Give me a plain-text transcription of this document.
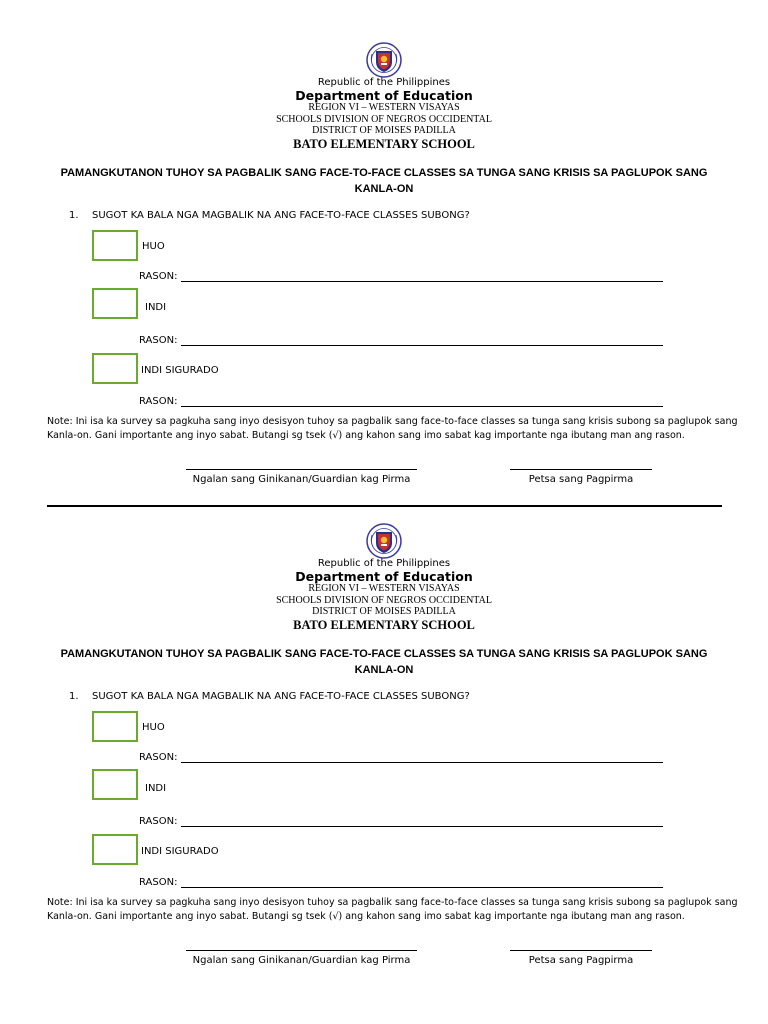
Republic of the Philippines
Department of Education
REGION VI – WESTERN VISAYAS
SCHOOLS DIVISION OF NEGROS OCCIDENTAL
DISTRICT OF MOISES PADILLA
BATO ELEMENTARY SCHOOL
PAMANGKUTANON TUHOY SA PAGBALIK SANG FACE-TO-FACE CLASSES SA TUNGA SANG KRISIS SA PAGLUPOK SANG
KANLA-ON
1. SUGOT KA BALA NGA MAGBALIK NA ANG FACE-TO-FACE CLASSES SUBONG?
HUO
RASON:
INDI
RASON:
INDI SIGURADO
RASON:
Note: Ini isa ka survey sa pagkuha sang inyo desisyon tuhoy sa pagbalik sang face-to-face classes sa tunga sang krisis subong sa paglupok sang
Kanla-on. Gani importante ang inyo sabat. Butangi sg tsek (√) ang kahon sang imo sabat kag importante nga ibutang man ang rason.
Ngalan sang Ginikanan/Guardian kag Pirma	Petsa sang Pagpirma
Republic of the Philippines
Department of Education
REGION VI – WESTERN VISAYAS
SCHOOLS DIVISION OF NEGROS OCCIDENTAL
DISTRICT OF MOISES PADILLA
BATO ELEMENTARY SCHOOL
PAMANGKUTANON TUHOY SA PAGBALIK SANG FACE-TO-FACE CLASSES SA TUNGA SANG KRISIS SA PAGLUPOK SANG
KANLA-ON
1. SUGOT KA BALA NGA MAGBALIK NA ANG FACE-TO-FACE CLASSES SUBONG?
HUO
RASON:
INDI
RASON:
INDI SIGURADO
RASON:
Note: Ini isa ka survey sa pagkuha sang inyo desisyon tuhoy sa pagbalik sang face-to-face classes sa tunga sang krisis subong sa paglupok sang
Kanla-on. Gani importante ang inyo sabat. Butangi sg tsek (√) ang kahon sang imo sabat kag importante nga ibutang man ang rason.
Ngalan sang Ginikanan/Guardian kag Pirma	Petsa sang Pagpirma
